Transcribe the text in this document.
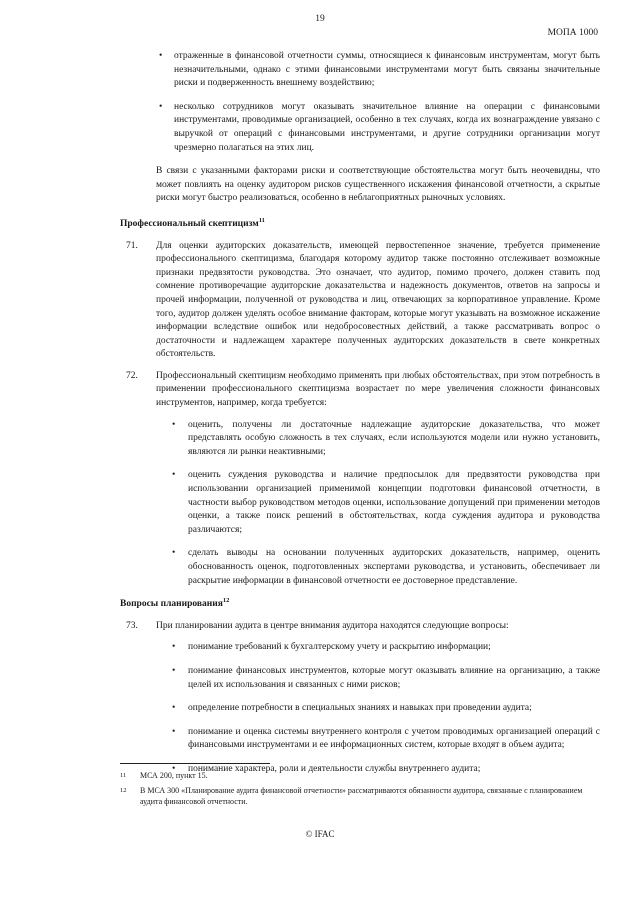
19
МОПА 1000
• отраженные в финансовой отчетности суммы, относящиеся к финансовым инструментам, могут быть незначительными, однако с этими финансовыми инструментами могут быть связаны значительные риски и подверженность внешнему воздействию;
• несколько сотрудников могут оказывать значительное влияние на операции с финансовыми инструментами, проводимые организацией, особенно в тех случаях, когда их вознаграждение увязано с выручкой от операций с финансовыми инструментами, и другие сотрудники организации могут чрезмерно полагаться на этих лиц.
В связи с указанными факторами риски и соответствующие обстоятельства могут быть неочевидны, что может повлиять на оценку аудитором рисков существенного искажения финансовой отчетности, а скрытые риски могут быстро реализоваться, особенно в неблагоприятных рыночных условиях.
Профессиональный скептицизм$^{11}$
71. Для оценки аудиторских доказательств, имеющей первостепенное значение, требуется применение профессионального скептицизма, благодаря которому аудитор также постоянно отслеживает возможные признаки предвзятости руководства. Это означает, что аудитор, помимо прочего, должен ставить под сомнение противоречащие аудиторские доказательства и надежность документов, ответов на запросы и прочей информации, полученной от руководства и лиц, отвечающих за корпоративное управление. Кроме того, аудитор должен уделять особое внимание факторам, которые могут указывать на возможное искажение информации вследствие ошибок или недобросовестных действий, а также рассматривать вопрос о достаточности и надлежащем характере полученных аудиторских доказательств в свете конкретных обстоятельств.
72. Профессиональный скептицизм необходимо применять при любых обстоятельствах, при этом потребность в применении профессионального скептицизма возрастает по мере увеличения сложности финансовых инструментов, например, когда требуется:
• оценить, получены ли достаточные надлежащие аудиторские доказательства, что может представлять особую сложность в тех случаях, если используются модели или нужно установить, являются ли рынки неактивными;
• оценить суждения руководства и наличие предпосылок для предвзятости руководства при использовании организацией применимой концепции подготовки финансовой отчетности, в частности выбор руководством методов оценки, использование допущений при применении методов оценки, а также поиск решений в обстоятельствах, когда суждения аудитора и руководства различаются;
• сделать выводы на основании полученных аудиторских доказательств, например, оценить обоснованность оценок, подготовленных экспертами руководства, и установить, обеспечивает ли раскрытие информации в финансовой отчетности ее достоверное представление.
Вопросы планирования$^{12}$
73. При планировании аудита в центре внимания аудитора находятся следующие вопросы:
• понимание требований к бухгалтерскому учету и раскрытию информации;
• понимание финансовых инструментов, которые могут оказывать влияние на организацию, а также целей их использования и связанных с ними рисков;
• определение потребности в специальных знаниях и навыках при проведении аудита;
• понимание и оценка системы внутреннего контроля с учетом проводимых организацией операций с финансовыми инструментами и ее информационных систем, которые входят в объем аудита;
• понимание характера, роли и деятельности службы внутреннего аудита;
11 МСА 200, пункт 15.
12 В МСА 300 «Планирование аудита финансовой отчетности» рассматриваются обязанности аудитора, связанные с планированием аудита финансовой отчетности.
© IFAC
